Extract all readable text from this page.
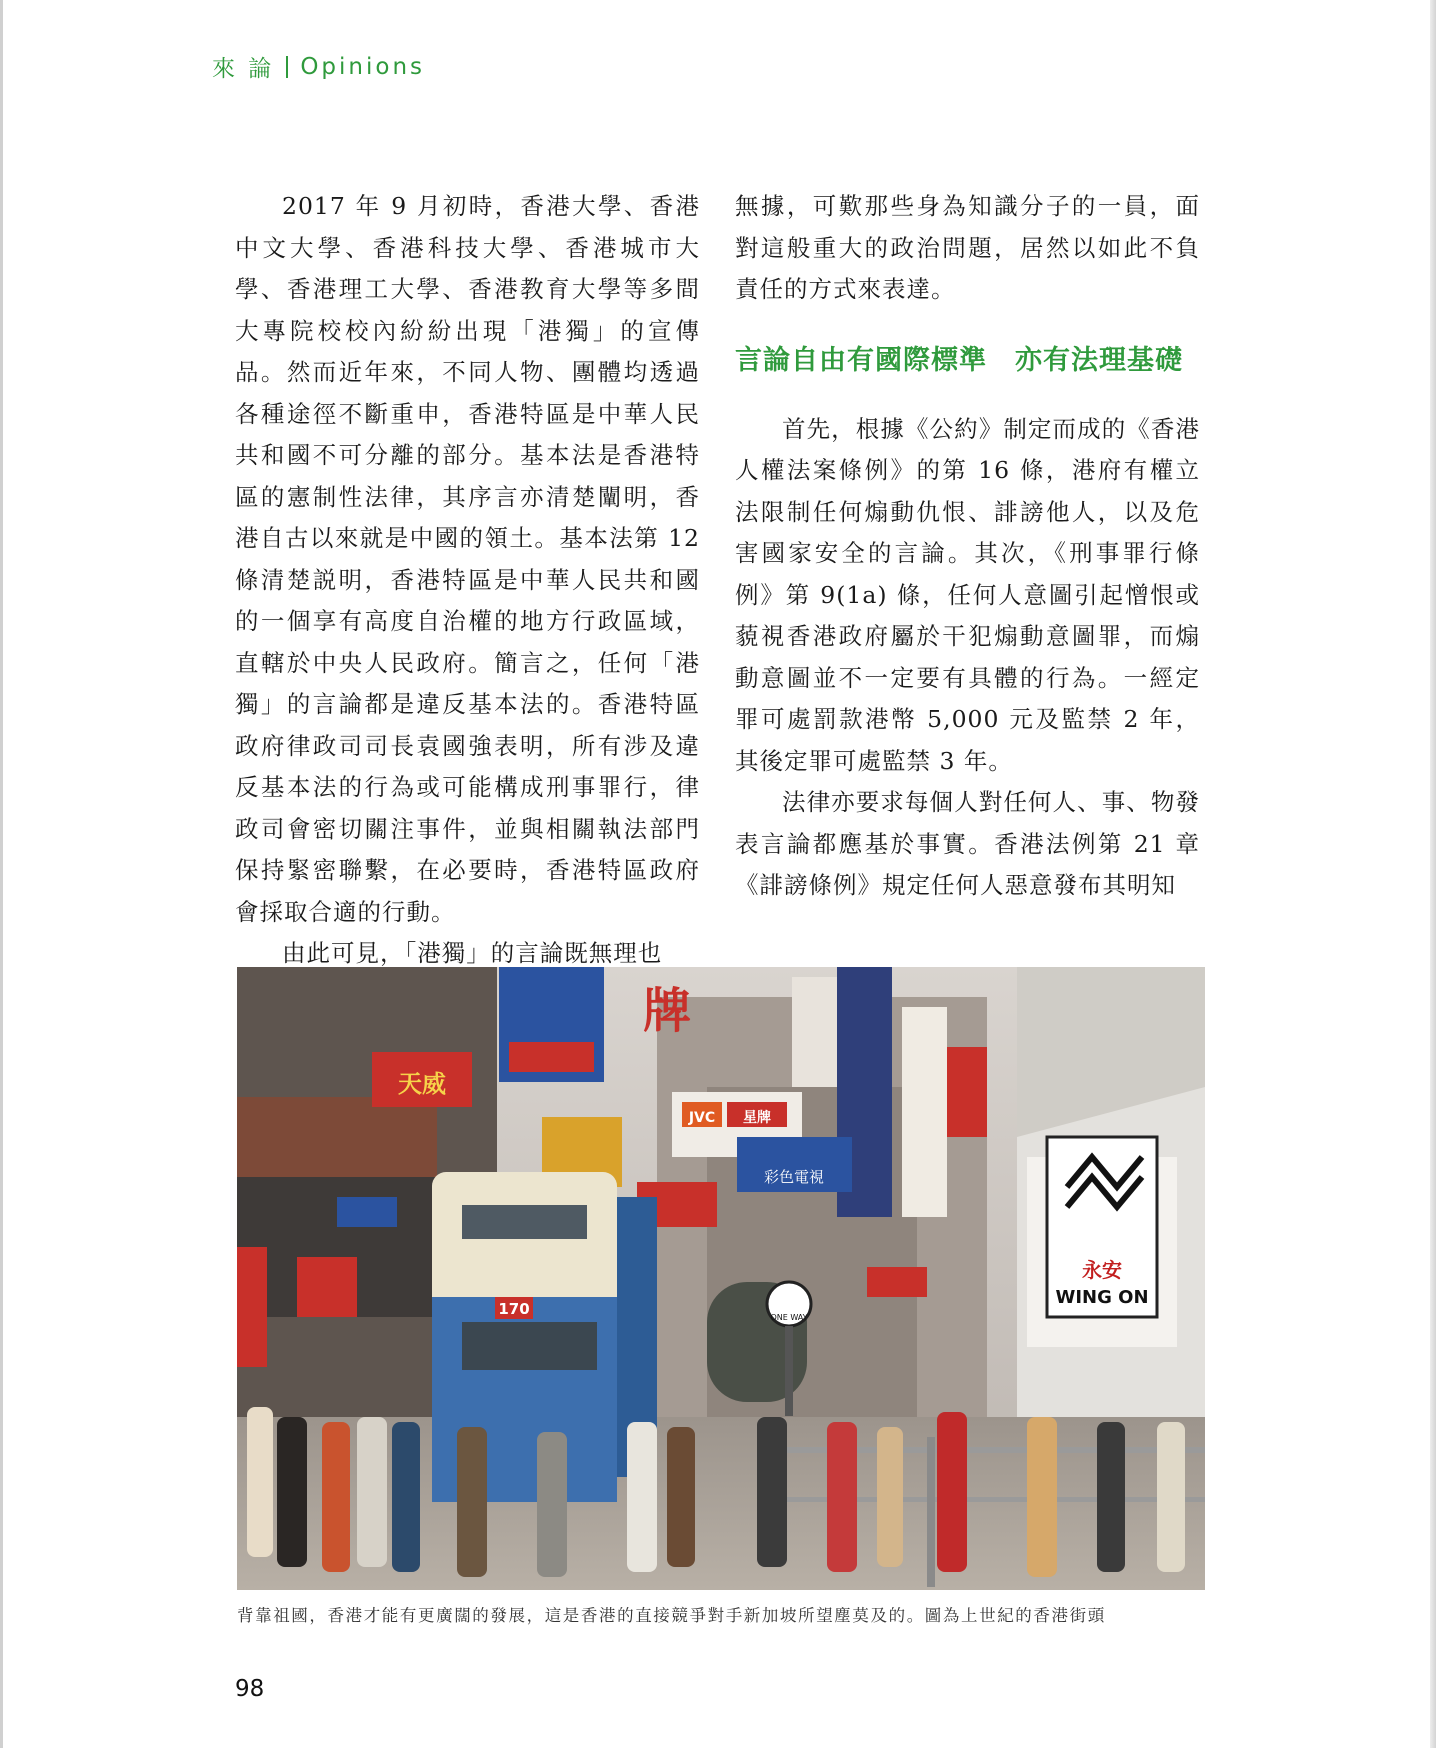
來 論 Opinions

2017 年 9 月初時，香港大學、香港中文大學、香港科技大學、香港城市大學、香港理工大學、香港教育大學等多間大專院校校內紛紛出現「港獨」的宣傳品。然而近年來，不同人物、團體均透過各種途徑不斷重申，香港特區是中華人民共和國不可分離的部分。基本法是香港特區的憲制性法律，其序言亦清楚闡明，香港自古以來就是中國的領土。基本法第 12 條清楚説明，香港特區是中華人民共和國的一個享有高度自治權的地方行政區域，直轄於中央人民政府。簡言之，任何「港獨」的言論都是違反基本法的。香港特區政府律政司司長袁國強表明，所有涉及違反基本法的行為或可能構成刑事罪行，律政司會密切關注事件，並與相關執法部門保持緊密聯繫，在必要時，香港特區政府會採取合適的行動。

由此可見，「港獨」的言論既無理也

無據，可歎那些身為知識分子的一員，面對這般重大的政治問題，居然以如此不負責任的方式來表達。

言論自由有國際標準　亦有法理基礎

首先，根據《公約》制定而成的《香港人權法案條例》的第 16 條，港府有權立法限制任何煽動仇恨、誹謗他人，以及危害國家安全的言論。其次，《刑事罪行條例》第 9(1a) 條，任何人意圖引起憎恨或藐視香港政府屬於干犯煽動意圖罪，而煽動意圖並不一定要有具體的行為。一經定罪可處罰款港幣 5,000 元及監禁 2 年，其後定罪可處監禁 3 年。

法律亦要求每個人對任何人、事、物發表言論都應基於事實。香港法例第 21 章《誹謗條例》規定任何人惡意發布其明知

永安
WING ON
JVC 星牌
彩色電視
天威
牌
170	ONE WAY
背靠祖國，香港才能有更廣闊的發展，這是香港的直接競爭對手新加坡所望塵莫及的。圖為上世紀的香港街頭
98
